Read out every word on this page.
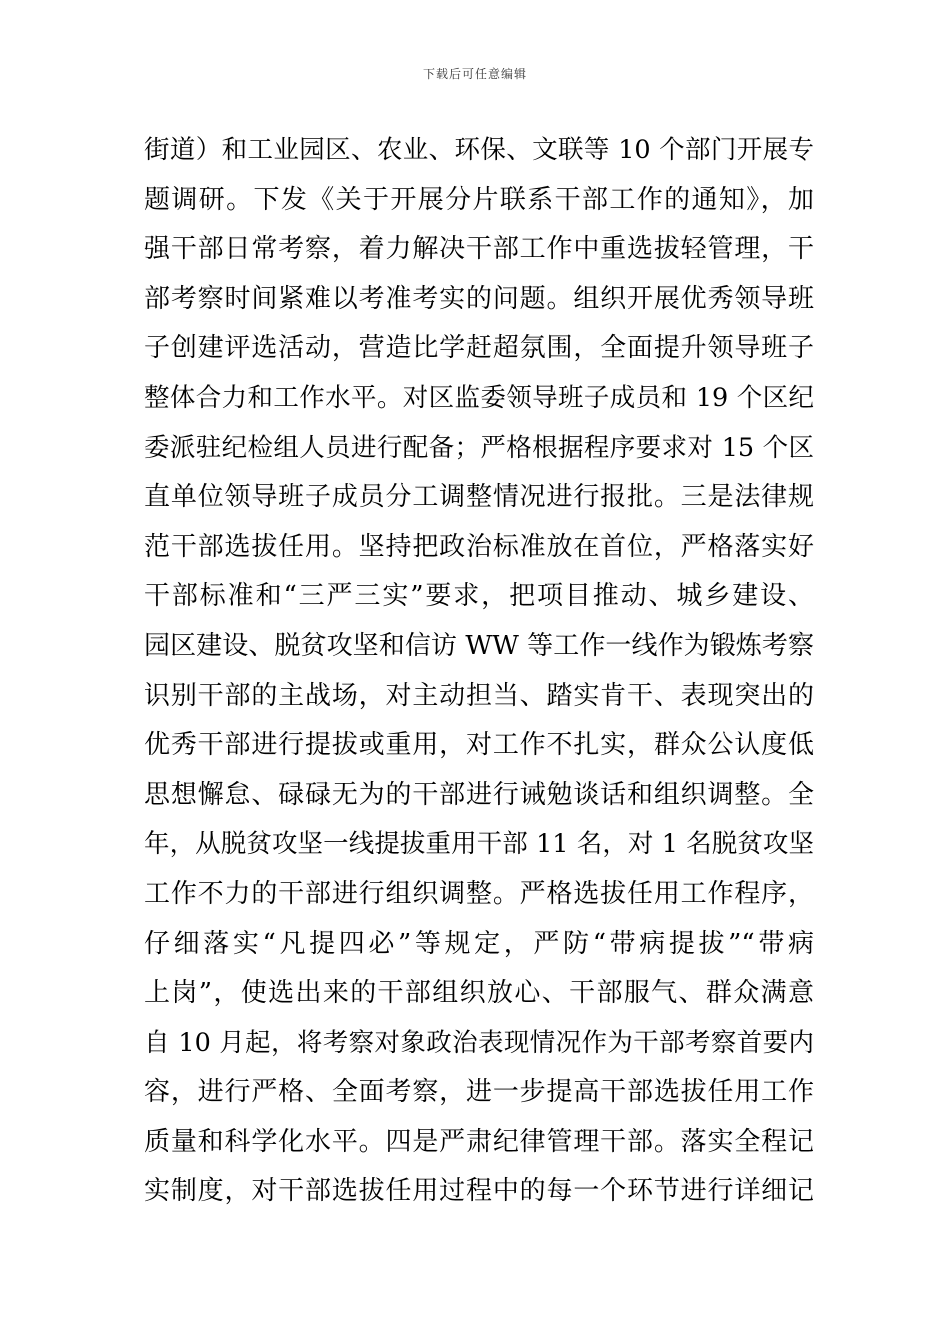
下载后可任意编辑
街道）和工业园区、农业、环保、文联等 10 个部门开展专
题调研。下发《关于开展分片联系干部工作的通知》，加
强干部日常考察，着力解决干部工作中重选拔轻管理，干
部考察时间紧难以考准考实的问题。组织开展优秀领导班
子创建评选活动，营造比学赶超氛围，全面提升领导班子
整体合力和工作水平。对区监委领导班子成员和 19 个区纪
委派驻纪检组人员进行配备；严格根据程序要求对 15 个区
直单位领导班子成员分工调整情况进行报批。三是法律规
范干部选拔任用。坚持把政治标准放在首位，严格落实好
干部标准和“三严三实”要求，把项目推动、城乡建设、
园区建设、脱贫攻坚和信访 WW 等工作一线作为锻炼考察
识别干部的主战场，对主动担当、踏实肯干、表现突出的
优秀干部进行提拔或重用，对工作不扎实，群众公认度低
思想懈怠、碌碌无为的干部进行诫勉谈话和组织调整。全
年，从脱贫攻坚一线提拔重用干部 11 名，对 1 名脱贫攻坚
工作不力的干部进行组织调整。严格选拔任用工作程序，
仔细落实“凡提四必”等规定，严防“带病提拔”“带病
上岗”，使选出来的干部组织放心、干部服气、群众满意
自 10 月起，将考察对象政治表现情况作为干部考察首要内
容，进行严格、全面考察，进一步提高干部选拔任用工作
质量和科学化水平。四是严肃纪律管理干部。落实全程记
实制度，对干部选拔任用过程中的每一个环节进行详细记
